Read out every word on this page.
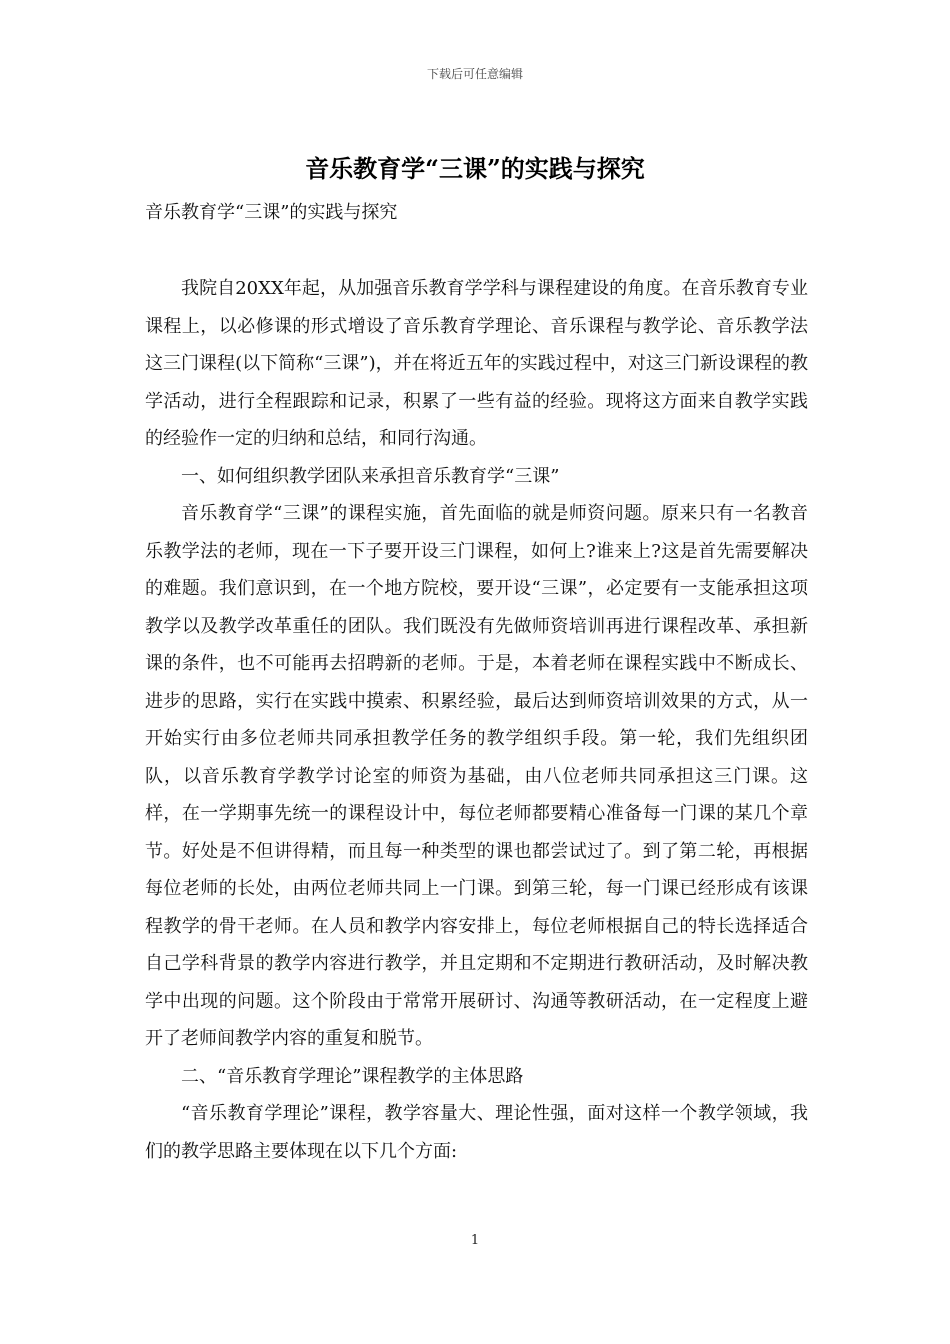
下载后可任意编辑
音乐教育学“三课”的实践与探究
音乐教育学“三课”的实践与探究

我院自20XX年起，从加强音乐教育学学科与课程建设的角度。在音乐教育专业课程上，以必修课的形式增设了音乐教育学理论、音乐课程与教学论、音乐教学法这三门课程(以下简称“三课”)，并在将近五年的实践过程中，对这三门新设课程的教学活动，进行全程跟踪和记录，积累了一些有益的经验。现将这方面来自教学实践的经验作一定的归纳和总结，和同行沟通。

一、如何组织教学团队来承担音乐教育学“三课”

音乐教育学“三课”的课程实施，首先面临的就是师资问题。原来只有一名教音乐教学法的老师，现在一下子要开设三门课程，如何上?谁来上?这是首先需要解决的难题。我们意识到，在一个地方院校，要开设“三课”，必定要有一支能承担这项教学以及教学改革重任的团队。我们既没有先做师资培训再进行课程改革、承担新课的条件，也不可能再去招聘新的老师。于是，本着老师在课程实践中不断成长、进步的思路，实行在实践中摸索、积累经验，最后达到师资培训效果的方式，从一开始实行由多位老师共同承担教学任务的教学组织手段。第一轮，我们先组织团队，以音乐教育学教学讨论室的师资为基础，由八位老师共同承担这三门课。这样，在一学期事先统一的课程设计中，每位老师都要精心准备每一门课的某几个章节。好处是不但讲得精，而且每一种类型的课也都尝试过了。到了第二轮，再根据每位老师的长处，由两位老师共同上一门课。到第三轮，每一门课已经形成有该课程教学的骨干老师。在人员和教学内容安排上，每位老师根据自己的特长选择适合自己学科背景的教学内容进行教学，并且定期和不定期进行教研活动，及时解决教学中出现的问题。这个阶段由于常常开展研讨、沟通等教研活动，在一定程度上避开了老师间教学内容的重复和脱节。

二、“音乐教育学理论”课程教学的主体思路

“音乐教育学理论”课程，教学容量大、理论性强，面对这样一个教学领域，我们的教学思路主要体现在以下几个方面:

1
